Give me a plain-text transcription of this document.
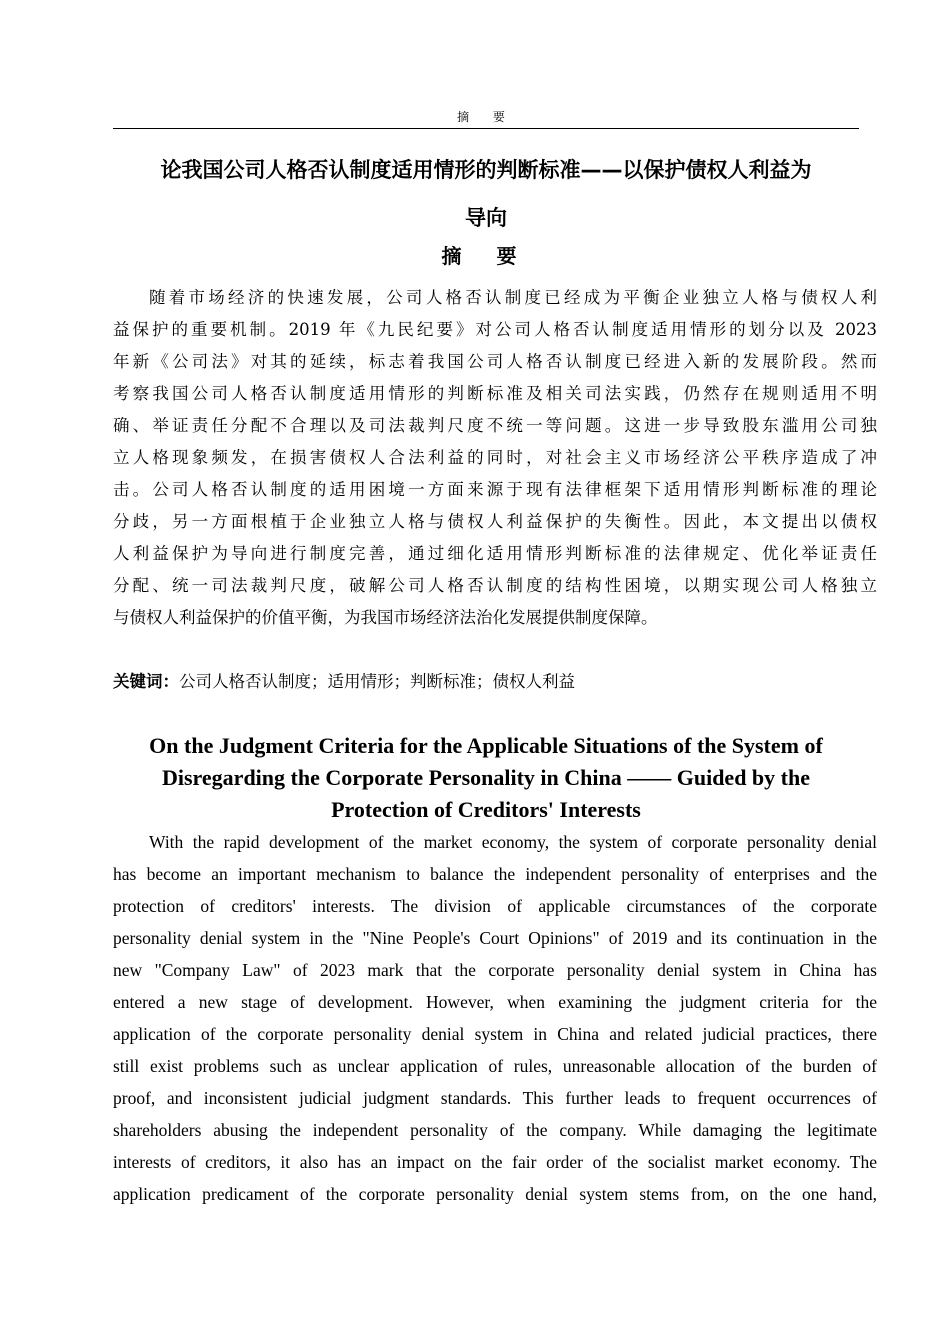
摘 要
论我国公司人格否认制度适用情形的判断标准——以保护债权人利益为
导向
摘 要
随着市场经济的快速发展，公司人格否认制度已经成为平衡企业独立人格与债权人利
益保护的重要机制。2019 年《九民纪要》对公司人格否认制度适用情形的划分以及 2023
年新《公司法》对其的延续，标志着我国公司人格否认制度已经进入新的发展阶段。然而
考察我国公司人格否认制度适用情形的判断标准及相关司法实践，仍然存在规则适用不明
确、举证责任分配不合理以及司法裁判尺度不统一等问题。这进一步导致股东滥用公司独
立人格现象频发，在损害债权人合法利益的同时，对社会主义市场经济公平秩序造成了冲
击。公司人格否认制度的适用困境一方面来源于现有法律框架下适用情形判断标准的理论
分歧，另一方面根植于企业独立人格与债权人利益保护的失衡性。因此，本文提出以债权
人利益保护为导向进行制度完善，通过细化适用情形判断标准的法律规定、优化举证责任
分配、统一司法裁判尺度，破解公司人格否认制度的结构性困境，以期实现公司人格独立
与债权人利益保护的价值平衡，为我国市场经济法治化发展提供制度保障。
关键词：公司人格否认制度；适用情形；判断标准；债权人利益
On the Judgment Criteria for the Applicable Situations of the System of
Disregarding the Corporate Personality in China —— Guided by the
Protection of Creditors' Interests
With the rapid development of the market economy, the system of corporate personality denial
has become an important mechanism to balance the independent personality of enterprises and the
protection of creditors' interests. The division of applicable circumstances of the corporate
personality denial system in the "Nine People's Court Opinions" of 2019 and its continuation in the
new "Company Law" of 2023 mark that the corporate personality denial system in China has
entered a new stage of development. However, when examining the judgment criteria for the
application of the corporate personality denial system in China and related judicial practices, there
still exist problems such as unclear application of rules, unreasonable allocation of the burden of
proof, and inconsistent judicial judgment standards. This further leads to frequent occurrences of
shareholders abusing the independent personality of the company. While damaging the legitimate
interests of creditors, it also has an impact on the fair order of the socialist market economy. The
application predicament of the corporate personality denial system stems from, on the one hand,
